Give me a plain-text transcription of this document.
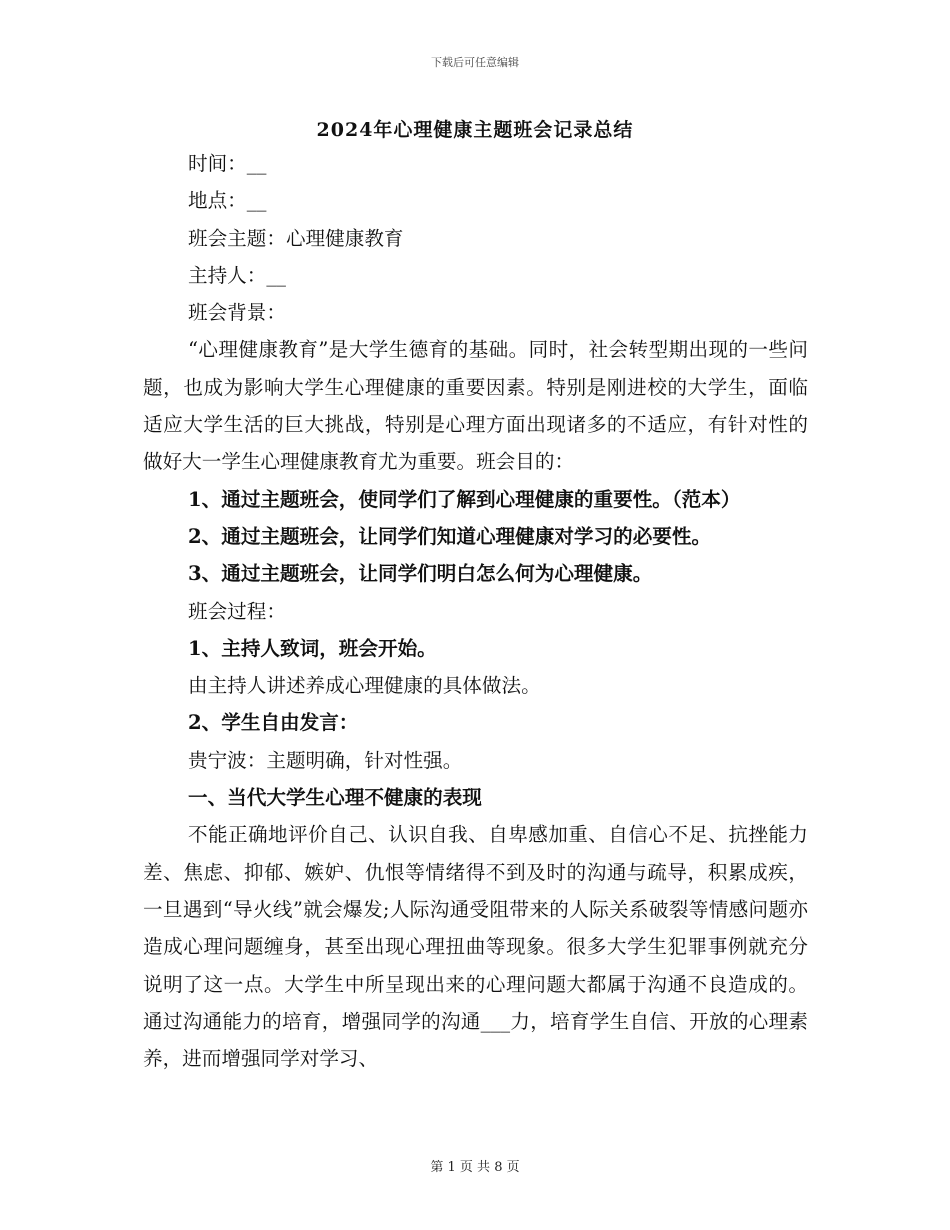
下载后可任意编辑
2024年心理健康主题班会记录总结

时间：__

地点：__

班会主题：心理健康教育

主持人：__

班会背景：

“心理健康教育”是大学生德育的基础。同时，社会转型期出现的一些问题，也成为影响大学生心理健康的重要因素。特别是刚进校的大学生，面临适应大学生活的巨大挑战，特别是心理方面出现诸多的不适应，有针对性的做好大一学生心理健康教育尤为重要。班会目的：

1、通过主题班会，使同学们了解到心理健康的重要性。（范本）

2、通过主题班会，让同学们知道心理健康对学习的必要性。

3、通过主题班会，让同学们明白怎么何为心理健康。

班会过程：

1、主持人致词，班会开始。

由主持人讲述养成心理健康的具体做法。

2、学生自由发言：

贵宁波：主题明确，针对性强。

一、当代大学生心理不健康的表现

不能正确地评价自己、认识自我、自卑感加重、自信心不足、抗挫能力差、焦虑、抑郁、嫉妒、仇恨等情绪得不到及时的沟通与疏导，积累成疾，一旦遇到“导火线”就会爆发;人际沟通受阻带来的人际关系破裂等情感问题亦造成心理问题缠身，甚至出现心理扭曲等现象。很多大学生犯罪事例就充分说明了这一点。大学生中所呈现出来的心理问题大都属于沟通不良造成的。通过沟通能力的培育，增强同学的沟通___力，培育学生自信、开放的心理素养，进而增强同学对学习、

第 1 页 共 8 页
